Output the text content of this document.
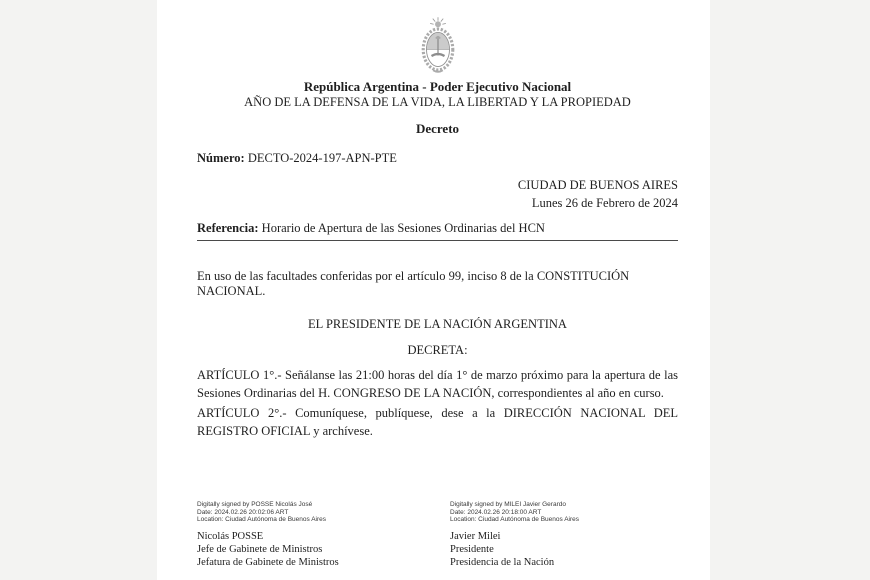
República Argentina - Poder Ejecutivo Nacional
AÑO DE LA DEFENSA DE LA VIDA, LA LIBERTAD Y LA PROPIEDAD
Decreto
Número: DECTO-2024-197-APN-PTE
CIUDAD DE BUENOS AIRES
Lunes 26 de Febrero de 2024
Referencia: Horario de Apertura de las Sesiones Ordinarias del HCN
En uso de las facultades conferidas por el artículo 99, inciso 8 de la CONSTITUCIÓN NACIONAL.
EL PRESIDENTE DE LA NACIÓN ARGENTINA
DECRETA:
ARTÍCULO 1°.- Señálanse las 21:00 horas del día 1° de marzo próximo para la apertura de las Sesiones Ordinarias del H. CONGRESO DE LA NACIÓN, correspondientes al año en curso.
ARTÍCULO 2°.- Comuníquese, publíquese, dese a la DIRECCIÓN NACIONAL DEL REGISTRO OFICIAL y archívese.
Digitally signed by POSSE Nicolás José
Date: 2024.02.26 20:02:06 ART
Location: Ciudad Autónoma de Buenos Aires
Nicolás POSSE
Jefe de Gabinete de Ministros
Jefatura de Gabinete de Ministros
Digitally signed by MILEI Javier Gerardo
Date: 2024.02.26 20:18:00 ART
Location: Ciudad Autónoma de Buenos Aires
Javier Milei
Presidente
Presidencia de la Nación
